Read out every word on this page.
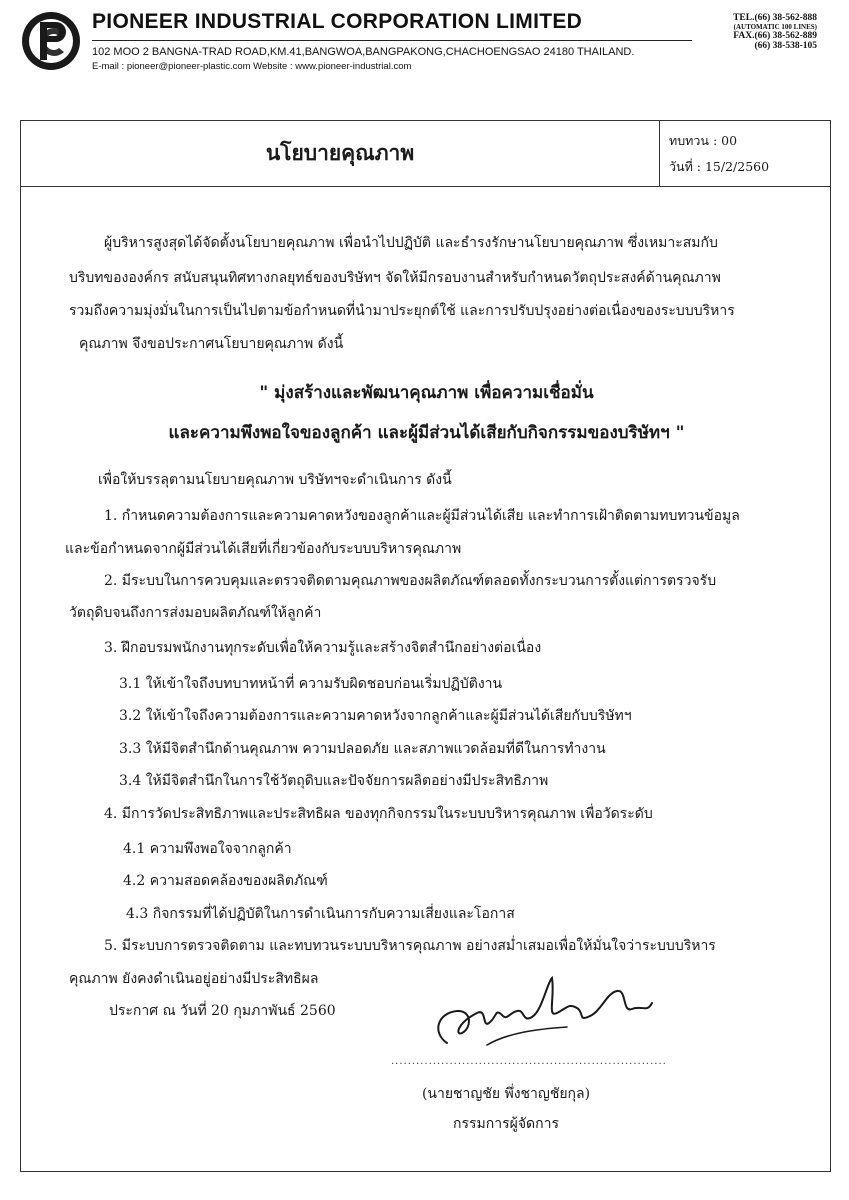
PIONEER INDUSTRIAL CORPORATION LIMITED
102 MOO 2 BANGNA-TRAD ROAD,KM.41,BANGWOA,BANGPAKONG,CHACHOENGSAO 24180 THAILAND.
E-mail : pioneer@pioneer-plastic.com Website : www.pioneer-industrial.com
TEL.(66) 38-562-888
(AUTOMATIC 100 LINES)
FAX.(66) 38-562-889
(66) 38-538-105
นโยบายคุณภาพ
ทบทวน : 00
วันที่ : 15/2/2560
ผู้บริหารสูงสุดได้จัดตั้งนโยบายคุณภาพ เพื่อนำไปปฏิบัติ และธำรงรักษานโยบายคุณภาพ ซึ่งเหมาะสมกับ
บริบทขององค์กร สนับสนุนทิศทางกลยุทธ์ของบริษัทฯ จัดให้มีกรอบงานสำหรับกำหนดวัตถุประสงค์ด้านคุณภาพ
รวมถึงความมุ่งมั่นในการเป็นไปตามข้อกำหนดที่นำมาประยุกต์ใช้ และการปรับปรุงอย่างต่อเนื่องของระบบบริหาร
คุณภาพ จึงขอประกาศนโยบายคุณภาพ ดังนี้
" มุ่งสร้างและพัฒนาคุณภาพ เพื่อความเชื่อมั่น
และความพึงพอใจของลูกค้า และผู้มีส่วนได้เสียกับกิจกรรมของบริษัทฯ "
เพื่อให้บรรลุตามนโยบายคุณภาพ บริษัทฯจะดำเนินการ ดังนี้
1. กำหนดความต้องการและความคาดหวังของลูกค้าและผู้มีส่วนได้เสีย และทำการเฝ้าติดตามทบทวนข้อมูล
และข้อกำหนดจากผู้มีส่วนได้เสียที่เกี่ยวข้องกับระบบบริหารคุณภาพ
2. มีระบบในการควบคุมและตรวจติดตามคุณภาพของผลิตภัณฑ์ตลอดทั้งกระบวนการตั้งแต่การตรวจรับ
วัตถุดิบจนถึงการส่งมอบผลิตภัณฑ์ให้ลูกค้า
3. ฝึกอบรมพนักงานทุกระดับเพื่อให้ความรู้และสร้างจิตสำนึกอย่างต่อเนื่อง
3.1 ให้เข้าใจถึงบทบาทหน้าที่ ความรับผิดชอบก่อนเริ่มปฏิบัติงาน
3.2 ให้เข้าใจถึงความต้องการและความคาดหวังจากลูกค้าและผู้มีส่วนได้เสียกับบริษัทฯ
3.3 ให้มีจิตสำนึกด้านคุณภาพ ความปลอดภัย และสภาพแวดล้อมที่ดีในการทำงาน
3.4 ให้มีจิตสำนึกในการใช้วัตถุดิบและปัจจัยการผลิตอย่างมีประสิทธิภาพ
4. มีการวัดประสิทธิภาพและประสิทธิผล ของทุกกิจกรรมในระบบบริหารคุณภาพ เพื่อวัดระดับ
4.1 ความพึงพอใจจากลูกค้า
4.2 ความสอดคล้องของผลิตภัณฑ์
4.3 กิจกรรมที่ได้ปฏิบัติในการดำเนินการกับความเสี่ยงและโอกาส
5. มีระบบการตรวจติดตาม และทบทวนระบบบริหารคุณภาพ อย่างสม่ำเสมอเพื่อให้มั่นใจว่าระบบบริหาร
คุณภาพ ยังคงดำเนินอยู่อย่างมีประสิทธิผล
ประกาศ ณ วันที่ 20 กุมภาพันธ์ 2560
..................................................................
(นายชาญชัย พึ่งชาญชัยกุล)
กรรมการผู้จัดการ
